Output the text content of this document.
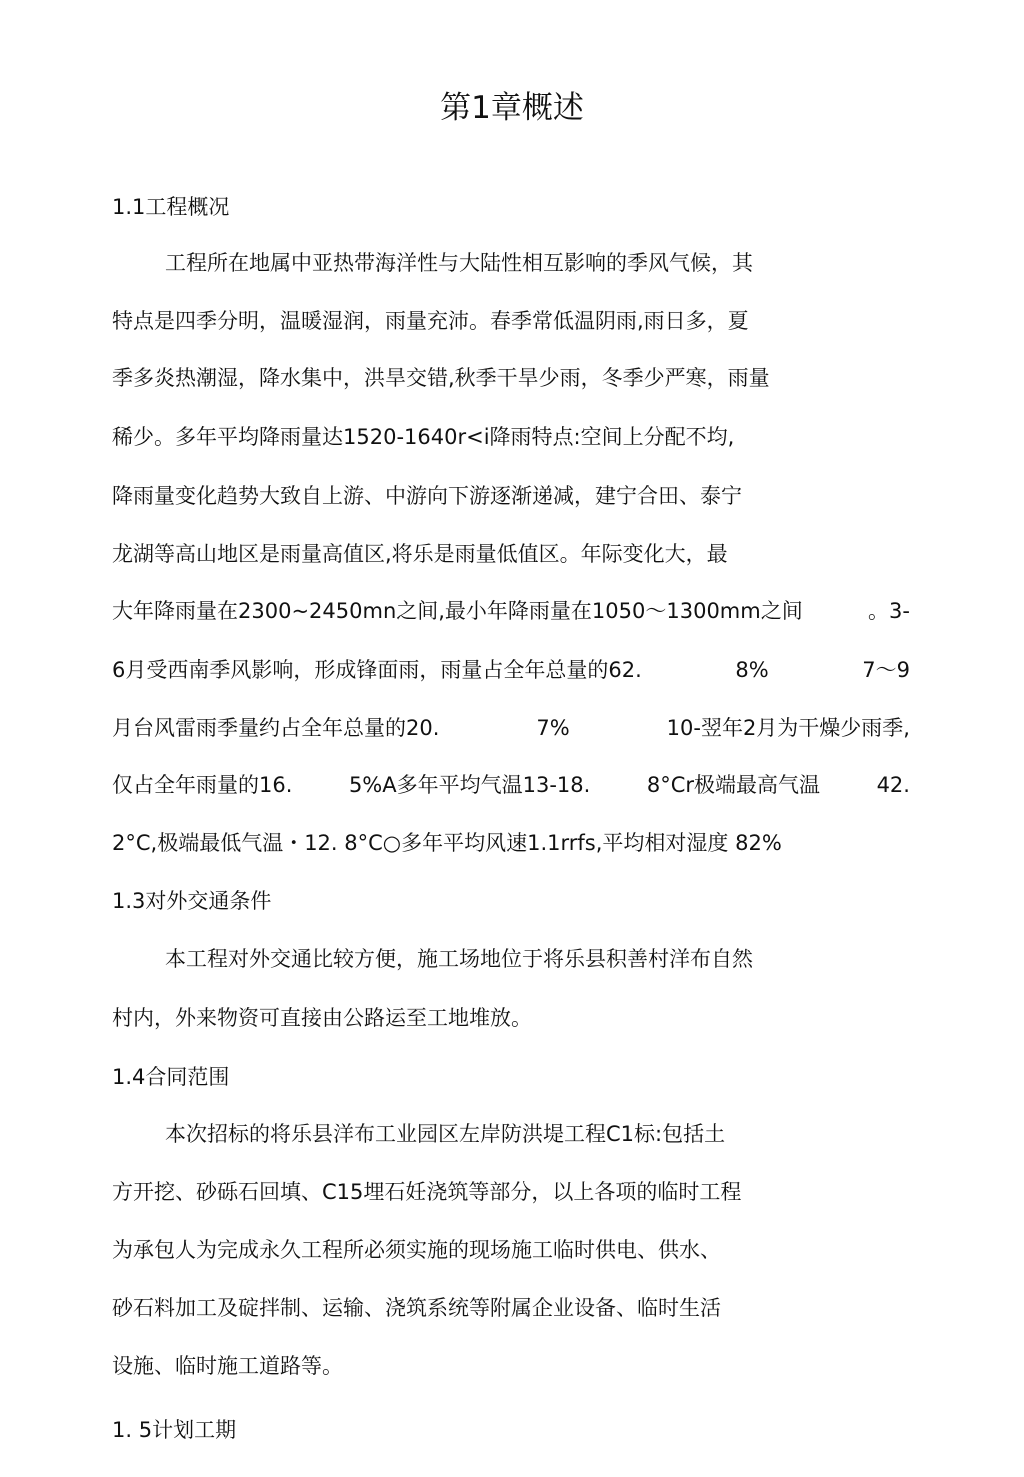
第1章概述
1.1工程概况
工程所在地属中亚热带海洋性与大陆性相互影响的季风气候，其
特点是四季分明，温暖湿润，雨量充沛。春季常低温阴雨,雨日多，夏
季多炎热潮湿，降水集中，洪旱交错,秋季干旱少雨，冬季少严寒，雨量
稀少。多年平均降雨量达1520-1640r<i降雨特点:空间上分配不均,
降雨量变化趋势大致自上游、中游向下游逐渐递减，建宁合田、泰宁
龙湖等高山地区是雨量高值区,将乐是雨量低值区。年际变化大，最
大年降雨量在2300~2450mn之间,最小年降雨量在1050～1300mm之间	。3-
6月受西南季风影响，形成锋面雨，雨量占全年总量的62.	8%	7～9
月台风雷雨季量约占全年总量的20.	7%	10-翌年2月为干燥少雨季,
仅占全年雨量的16.	5%A多年平均气温13-18.	8°Cr极端最高气温	42.
2°C,极端最低气温・12. 8°C○多年平均风速1.1rrfs,平均相对湿度 82%
1.3对外交通条件
本工程对外交通比较方便，施工场地位于将乐县积善村洋布自然
村内，外来物资可直接由公路运至工地堆放。
1.4合同范围
本次招标的将乐县洋布工业园区左岸防洪堤工程C1标:包括土
方开挖、砂砾石回填、C15埋石妊浇筑等部分，以上各项的临时工程
为承包人为完成永久工程所必须实施的现场施工临时供电、供水、
砂石料加工及碇拌制、运输、浇筑系统等附属企业设备、临时生活
设施、临时施工道路等。
1. 5计划工期
